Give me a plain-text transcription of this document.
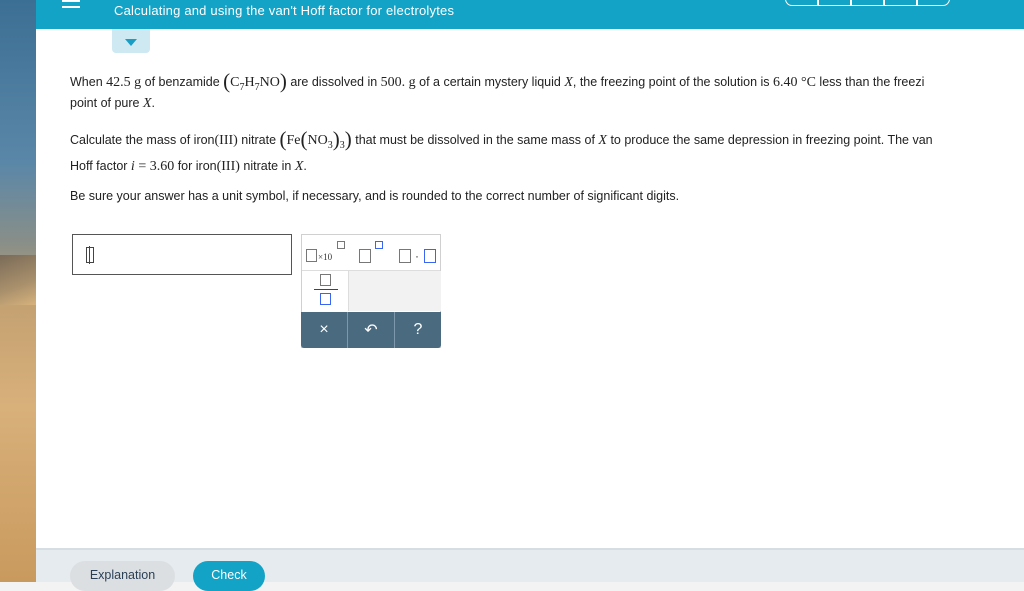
Calculating and using the van't Hoff factor for electrolytes
When 42.5 g of benzamide $(C_7H_7NO)$ are dissolved in 500. g of a certain mystery liquid X, the freezing point of the solution is 6.40 °C less than the freezi
point of pure X.
Calculate the mass of iron(III) nitrate $(Fe(NO_3)_3)$ that must be dissolved in the same mass of X to produce the same depression in freezing point. The van
Hoff factor i = 3.60 for iron(III) nitrate in X.
Be sure your answer has a unit symbol, if necessary, and is rounded to the correct number of significant digits.
×10	·
×	↶	?
Explanation	Check
